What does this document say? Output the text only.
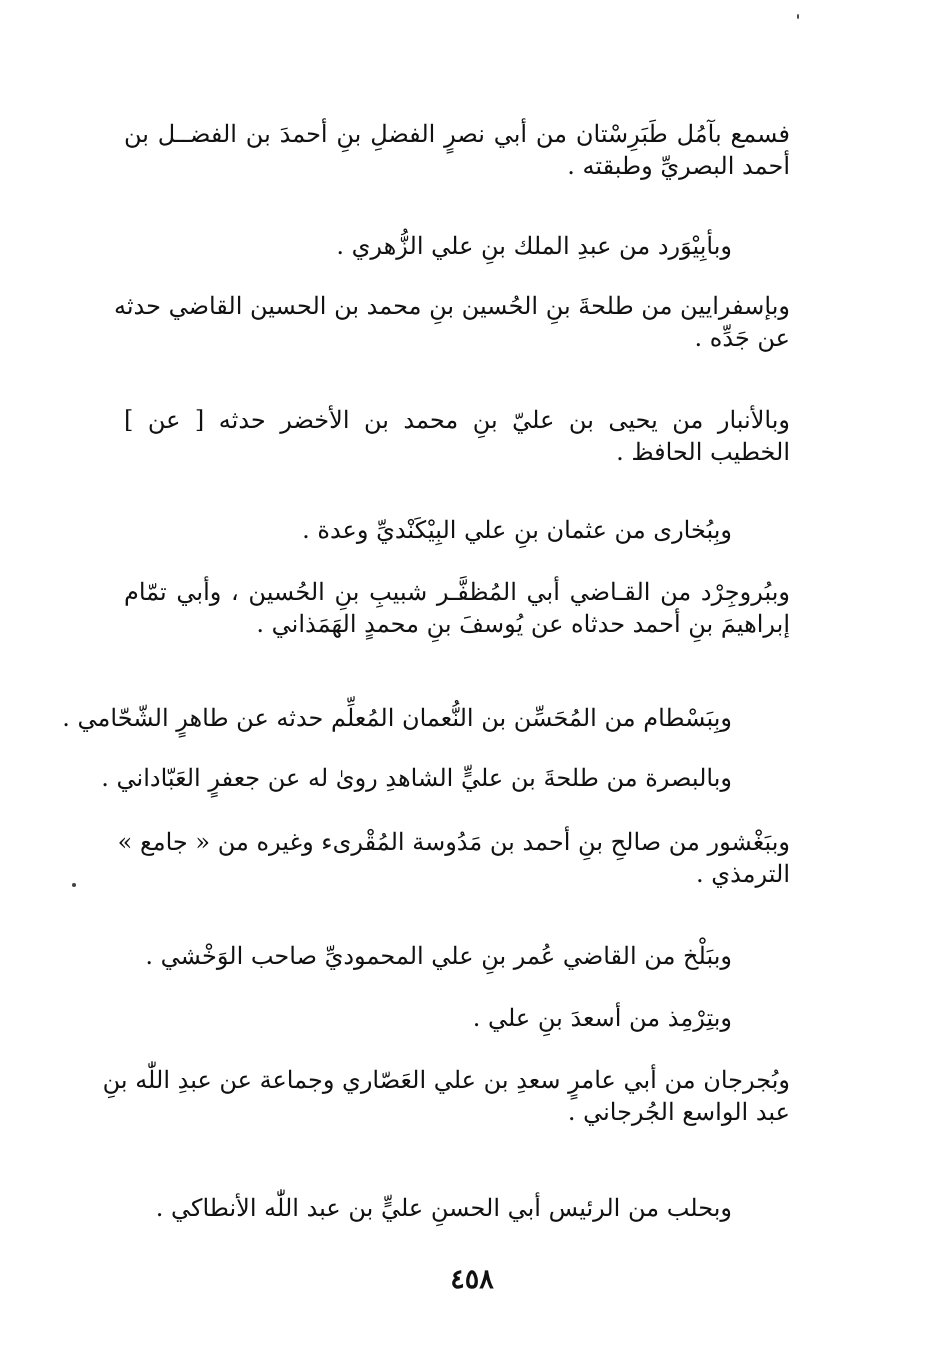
فسمع بآمُل طَبَرِسْتان من أبي نصرٍ الفضلِ بنِ أحمدَ بن الفضــل بن
أحمد البصريِّ وطبقته .

وبأبِيْوَرد من عبدِ الملك بنِ علي الزُّهري .

وبإسفرايين من طلحةَ بنِ الحُسين بنِ محمد بن الحسين القاضي حدثه
عن جَدِّه .

وبالأنبار من يحيى بن عليّ بنِ محمد بن الأخضر حدثه [ عن ]
الخطيب الحافظ .

وبِبُخارى من عثمان بنِ علي البِيْكَنْديِّ وعدة .

وببُروجِرْد من القـاضي أبي المُظفَّـر شبيبِ بنِ الحُسين ، وأبي تمّام
إبراهيمَ بنِ أحمد حدثاه عن يُوسفَ بنِ محمدٍ الهَمَذاني .

وبِبَسْطام من المُحَسِّن بن النُّعمان المُعلِّم حدثه عن طاهرٍ الشّحّامي .

وبالبصرة من طلحةَ بن عليٍّ الشاهدِ روىٰ له عن جعفرٍ العَبّاداني .

وببَغْشور من صالحِ بنِ أحمد بن مَدُوسة المُقْرىء وغيره من « جامع »
الترمذي .

وببَلْخ من القاضي عُمر بنِ علي المحموديِّ صاحب الوَخْشي .

وبتِرْمِذ من أسعدَ بنِ علي .

وبُجرجان من أبي عامرٍ سعدِ بن علي العَصّاري وجماعة عن عبدِ اللّٰه بنِ
عبد الواسع الجُرجاني .

وبحلب من الرئيس أبي الحسنِ عليٍّ بن عبد اللّٰه الأنطاكي .

٤٥٨
